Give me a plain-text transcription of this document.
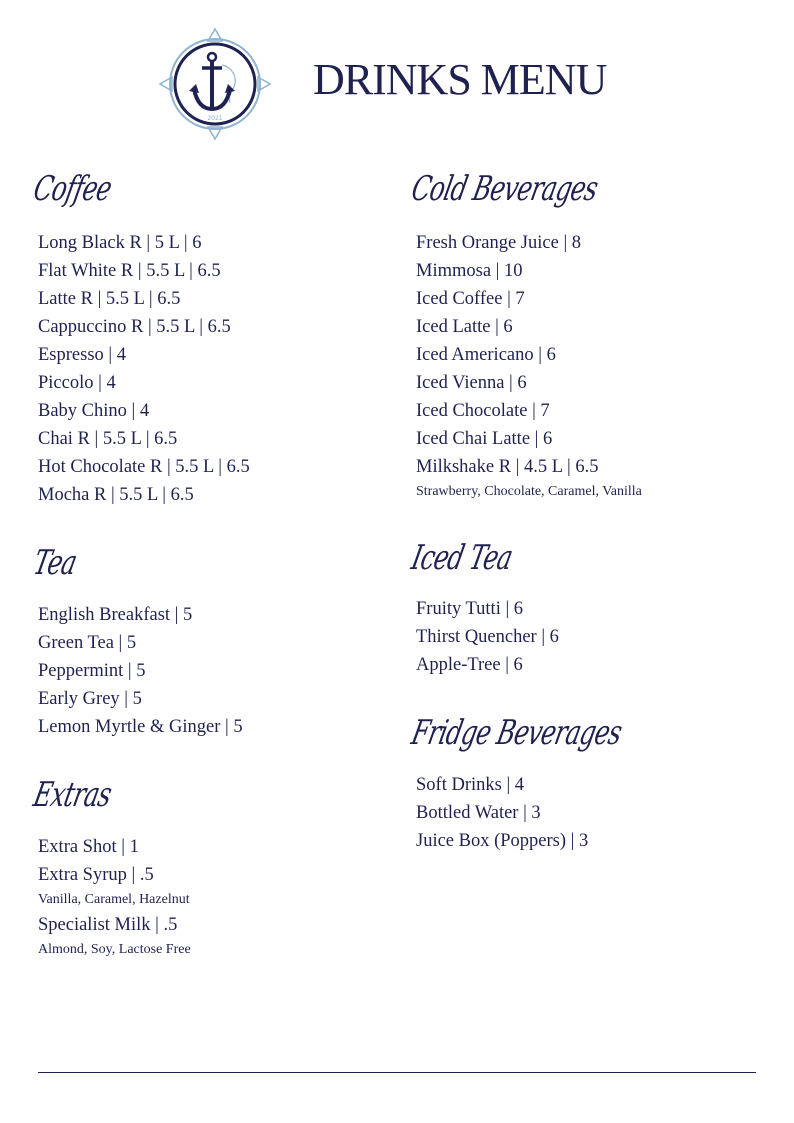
2021
DRINKS MENU
Coffee
Long Black R | 5 L | 6
Flat White R | 5.5 L | 6.5
Latte R | 5.5 L | 6.5
Cappuccino R | 5.5 L | 6.5
Espresso | 4
Piccolo | 4
Baby Chino | 4
Chai R | 5.5 L | 6.5
Hot Chocolate R | 5.5 L | 6.5
Mocha R | 5.5 L | 6.5
Tea
English Breakfast | 5
Green Tea | 5
Peppermint | 5
Early Grey | 5
Lemon Myrtle & Ginger | 5
Extras
Extra Shot | 1
Extra Syrup | .5
Vanilla, Caramel, Hazelnut
Specialist Milk | .5
Almond, Soy, Lactose Free
Cold Beverages
Fresh Orange Juice | 8
Mimmosa | 10
Iced Coffee | 7
Iced Latte | 6
Iced Americano | 6
Iced Vienna | 6
Iced Chocolate | 7
Iced Chai Latte | 6
Milkshake R | 4.5 L | 6.5
Strawberry, Chocolate, Caramel, Vanilla
Iced Tea
Fruity Tutti | 6
Thirst Quencher | 6
Apple-Tree | 6
Fridge Beverages
Soft Drinks | 4
Bottled Water | 3
Juice Box (Poppers) | 3
